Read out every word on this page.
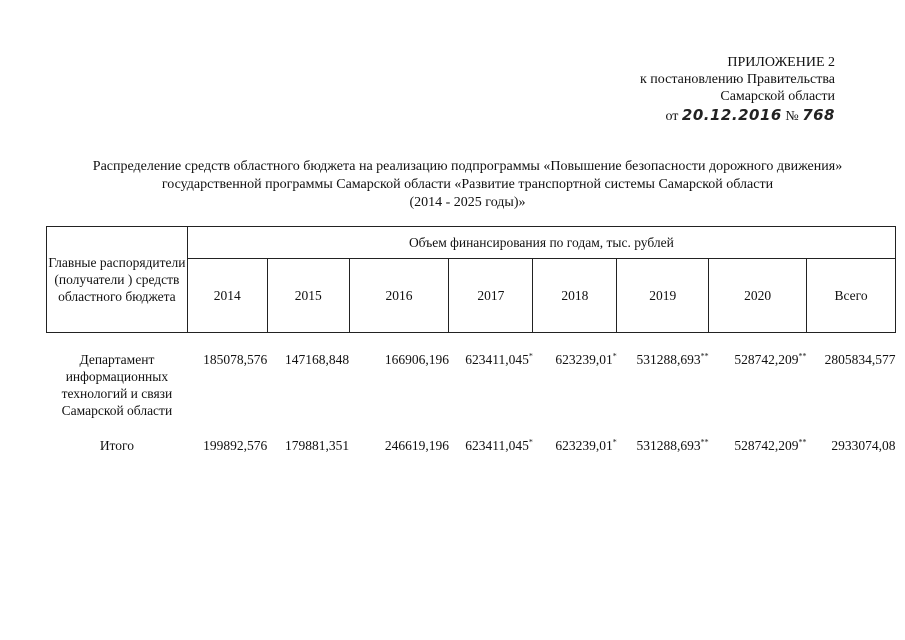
ПРИЛОЖЕНИЕ 2
к постановлению Правительства
Самарской области
от 20.12.2016 № 768
Распределение средств областного бюджета на реализацию подпрограммы «Повышение безопасности дорожного движения»
государственной программы Самарской области «Развитие транспортной системы Самарской области
(2014 - 2025 годы)»
Главные распорядители (получатели ) средств областного бюджета	Объем финансирования по годам, тыс. рублей							
	2014	2015	2016	2017	2018	2019	2020	Всего

Департамент информационных технологий и связи Самарской области	185078,576	147168,848	166906,196	623411,045*	623239,01*	531288,693**	528742,209**	2805834,577
Итого	199892,576	179881,351	246619,196	623411,045*	623239,01*	531288,693**	528742,209**	2933074,08
